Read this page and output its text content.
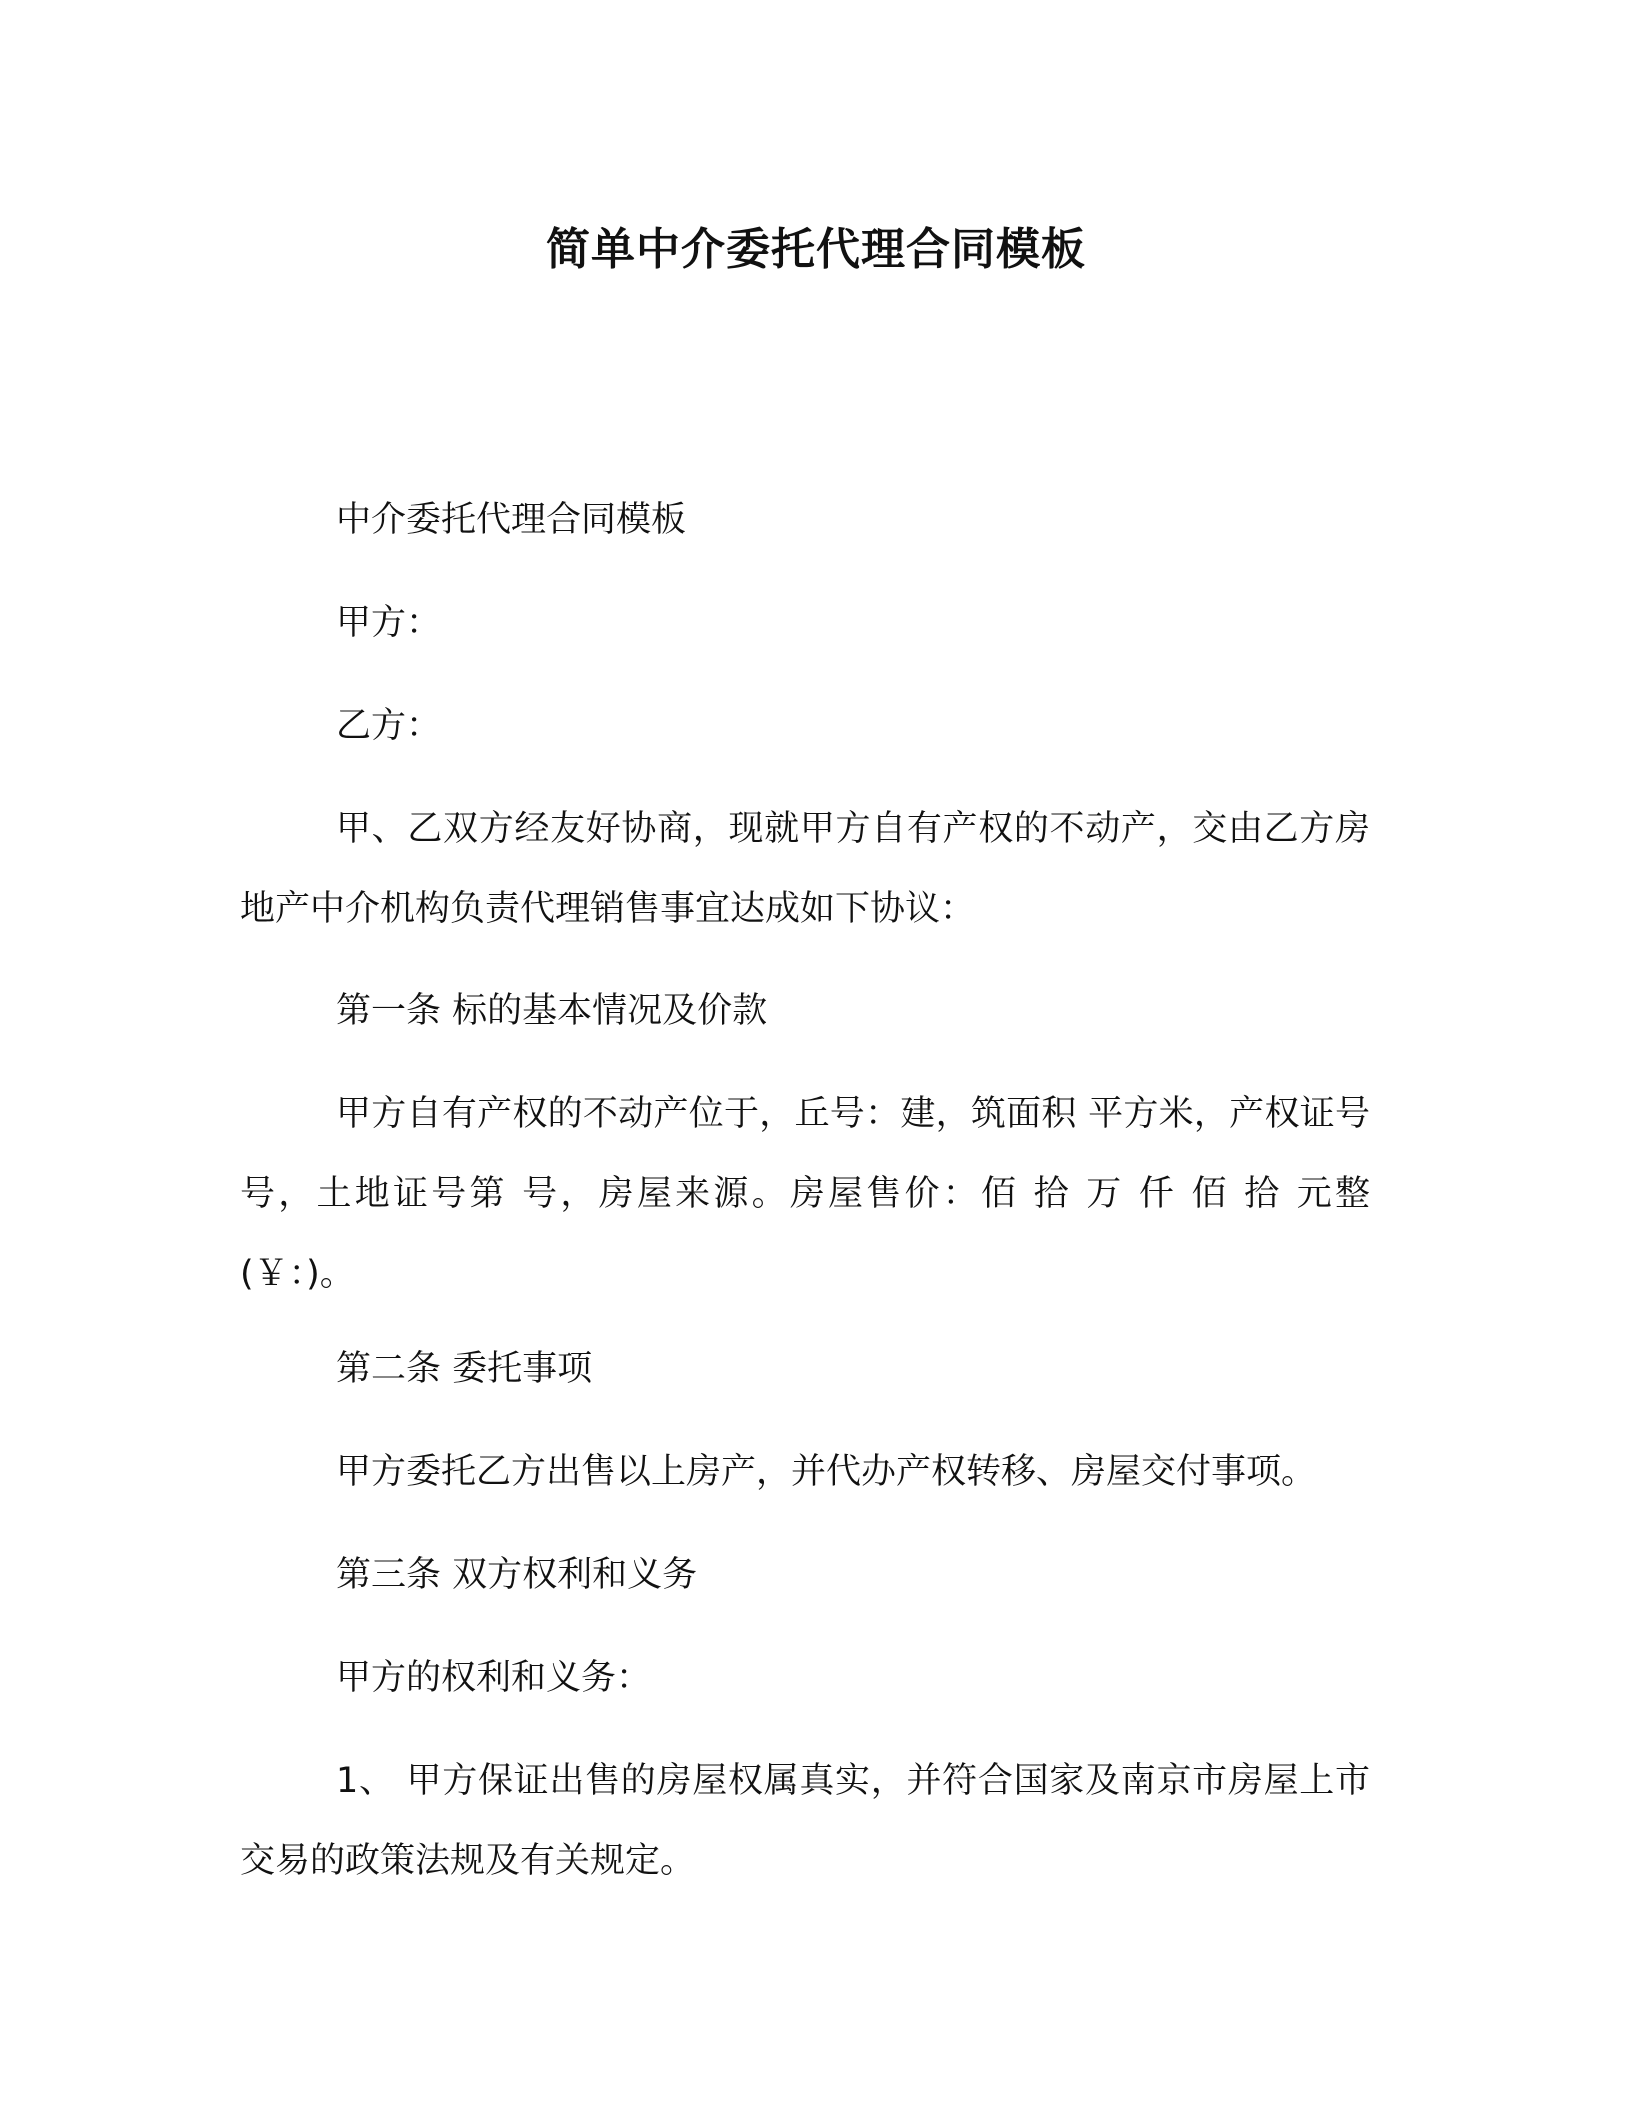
简单中介委托代理合同模板

中介委托代理合同模板

甲方：

乙方：

甲、乙双方经友好协商，现就甲方自有产权的不动产，交由乙方房地产中介机构负责代理销售事宜达成如下协议：

第一条 标的基本情况及价款

甲方自有产权的不动产位于，丘号：建，筑面积 平方米，产权证号 号，土地证号第 号，房屋来源。房屋售价：佰 拾 万 仟 佰 拾 元整(￥：)。

第二条 委托事项

甲方委托乙方出售以上房产，并代办产权转移、房屋交付事项。

第三条 双方权利和义务

甲方的权利和义务：

1、 甲方保证出售的房屋权属真实，并符合国家及南京市房屋上市交易的政策法规及有关规定。
